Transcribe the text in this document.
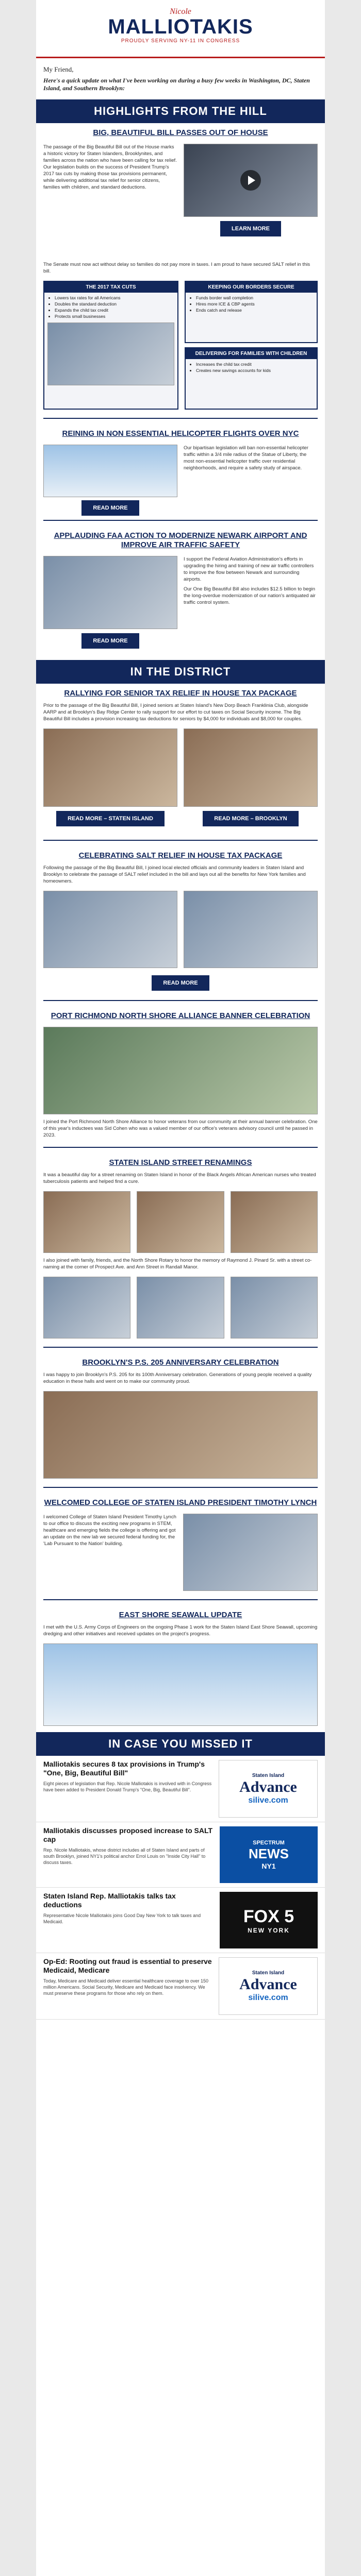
Nicole
MALLIOTAKIS
PROUDLY SERVING NY-11 IN CONGRESS
My Friend,
Here's a quick update on what I've been working on during a busy few weeks in Washington, DC, Staten Island, and Southern Brooklyn:
HIGHLIGHTS FROM THE HILL
BIG, BEAUTIFUL BILL PASSES OUT OF HOUSE
The passage of the Big Beautiful Bill out of the House marks a historic victory for Staten Islanders, Brooklynites, and families across the nation who have been calling for tax relief. Our legislation builds on the success of President Trump's 2017 tax cuts by making those tax provisions permanent, while delivering additional tax relief for senior citizens, families with children, and standard deductions.
LEARN MORE
The Senate must now act without delay so families do not pay more in taxes. I am proud to have secured SALT relief in this bill.
THE 2017 TAX CUTS
• Lowers tax rates for all Americans
• Doubles the standard deduction
• Expands the child tax credit
• Protects small businesses
KEEPING OUR BORDERS SECURE
• Funds border wall completion
• Hires more ICE & CBP agents
• Ends catch and release
DELIVERING FOR FAMILIES WITH CHILDREN
• Increases the child tax credit
• Creates new savings accounts for kids
REINING IN NON ESSENTIAL HELICOPTER FLIGHTS OVER NYC
READ MORE
Our bipartisan legislation will ban non-essential helicopter traffic within a 3/4 mile radius of the Statue of Liberty, the most non-essential helicopter traffic over residential neighborhoods, and require a safety study of airspace.
APPLAUDING FAA ACTION TO MODERNIZE NEWARK AIRPORT AND IMPROVE AIR TRAFFIC SAFETY
READ MORE
I support the Federal Aviation Administration's efforts in upgrading the hiring and training of new air traffic controllers to improve the flow between Newark and surrounding airports.
Our One Big Beautiful Bill also includes $12.5 billion to begin the long-overdue modernization of our nation's antiquated air traffic control system.
IN THE DISTRICT
RALLYING FOR SENIOR TAX RELIEF IN HOUSE TAX PACKAGE
Prior to the passage of the Big Beautiful Bill, I joined seniors at Staten Island's New Dorp Beach Franklinia Club, alongside AARP and at Brooklyn's Bay Ridge Center to rally support for our effort to cut taxes on Social Security income. The Big Beautiful Bill includes a provision increasing tax deductions for seniors by $4,000 for individuals and $8,000 for couples.
READ MORE – STATEN ISLAND	READ MORE – BROOKLYN
CELEBRATING SALT RELIEF IN HOUSE TAX PACKAGE
Following the passage of the Big Beautiful Bill, I joined local elected officials and community leaders in Staten Island and Brooklyn to celebrate the passage of SALT relief included in the bill and lays out all the benefits for New York families and homeowners.
READ MORE
PORT RICHMOND NORTH SHORE ALLIANCE BANNER CELEBRATION
I joined the Port Richmond North Shore Alliance to honor veterans from our community at their annual banner celebration. One of this year's inductees was Sid Cohen who was a valued member of our office's veterans advisory council until he passed in 2023.
STATEN ISLAND STREET RENAMINGS
It was a beautiful day for a street renaming on Staten Island in honor of the Black Angels African American nurses who treated tuberculosis patients and helped find a cure.
I also joined with family, friends, and the North Shore Rotary to honor the memory of Raymond J. Pinard Sr. with a street co-naming at the corner of Prospect Ave. and Ann Street in Randall Manor.
BROOKLYN'S P.S. 205 ANNIVERSARY CELEBRATION
I was happy to join Brooklyn's P.S. 205 for its 100th Anniversary celebration. Generations of young people received a quality education in these halls and went on to make our community proud.
WELCOMED COLLEGE OF STATEN ISLAND PRESIDENT TIMOTHY LYNCH
I welcomed College of Staten Island President Timothy Lynch to our office to discuss the exciting new programs in STEM, healthcare and emerging fields the college is offering and got an update on the new lab we secured federal funding for, the 'Lab Pursuant to the Nation' building.
EAST SHORE SEAWALL UPDATE
I met with the U.S. Army Corps of Engineers on the ongoing Phase 1 work for the Staten Island East Shore Seawall, upcoming dredging and other initiatives and received updates on the project's progress.
IN CASE YOU MISSED IT
Malliotakis secures 8 tax provisions in Trump's "One, Big, Beautiful Bill"
Eight pieces of legislation that Rep. Nicole Malliotakis is involved with in Congress have been added to President Donald Trump's "One, Big, Beautiful Bill".
Staten Island
Advance
silive.com
Malliotakis discusses proposed increase to SALT cap
Rep. Nicole Malliotakis, whose district includes all of Staten Island and parts of south Brooklyn, joined NY1's political anchor Errol Louis on "Inside City Hall" to discuss taxes.
SPECTRUM
NEWS
NY1
Staten Island Rep. Malliotakis talks tax deductions
Representative Nicole Malliotakis joins Good Day New York to talk taxes and Medicaid.	FOX 5
NEW YORK
Op-Ed: Rooting out fraud is essential to preserve Medicaid, Medicare
Today, Medicare and Medicaid deliver essential healthcare coverage to over 150 million Americans. Social Security, Medicare and Medicaid face insolvency. We must preserve these programs for those who rely on them.
Staten Island
Advance
silive.com
